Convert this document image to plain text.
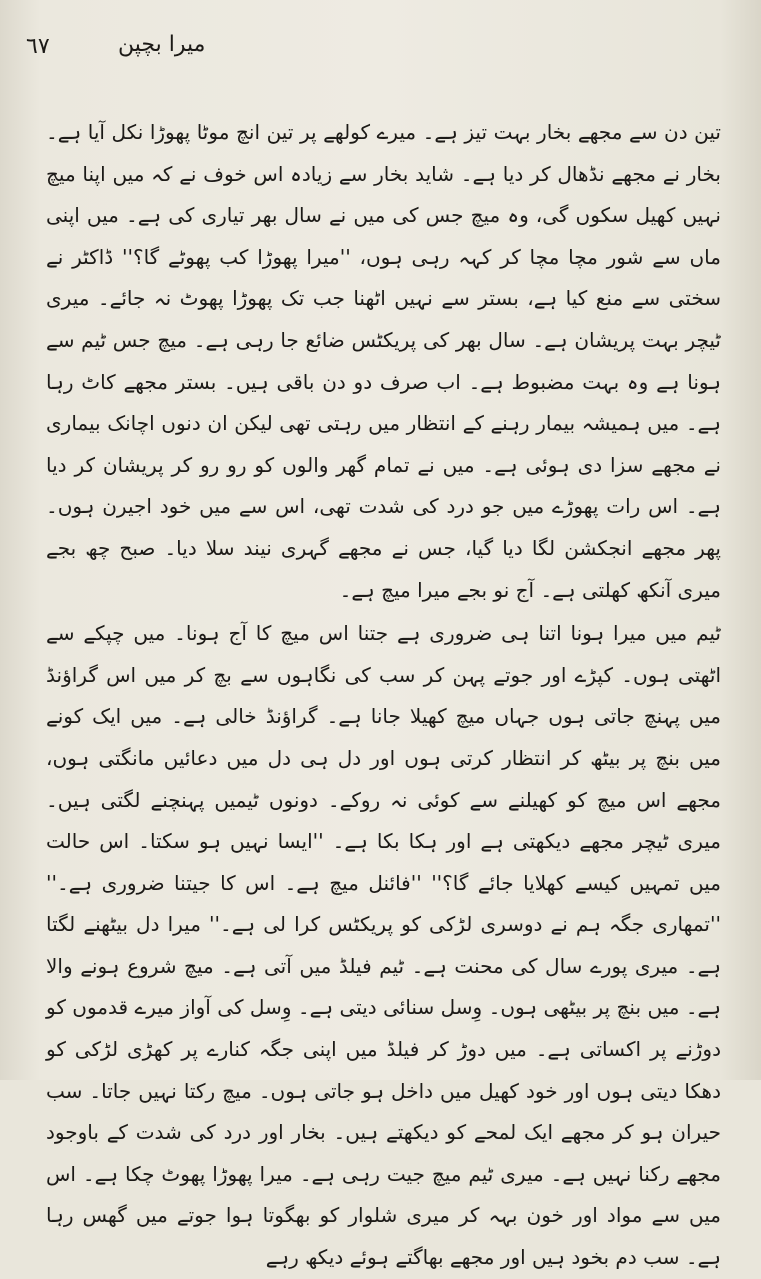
٦٧	میرا بچپن

تین دن سے مجھے بخار بہت تیز ہے۔ میرے کولھے پر تین انچ موٹا پھوڑا نکل آیا ہے۔ بخار نے مجھے نڈھال کر دیا ہے۔ شاید بخار سے زیادہ اس خوف نے کہ میں اپنا میچ نہیں کھیل سکوں گی، وہ میچ جس کی میں نے سال بھر تیاری کی ہے۔ میں اپنی ماں سے شور مچا مچا کر کہہ رہی ہوں، ''میرا پھوڑا کب پھوٹے گا؟'' ڈاکٹر نے سختی سے منع کیا ہے، بستر سے نہیں اٹھنا جب تک پھوڑا پھوٹ نہ جائے۔ میری ٹیچر بہت پریشان ہے۔ سال بھر کی پریکٹس ضائع جا رہی ہے۔ میچ جس ٹیم سے ہونا ہے وہ بہت مضبوط ہے۔ اب صرف دو دن باقی ہیں۔ بستر مجھے کاٹ رہا ہے۔ میں ہمیشہ بیمار رہنے کے انتظار میں رہتی تھی لیکن ان دنوں اچانک بیماری نے مجھے سزا دی ہوئی ہے۔ میں نے تمام گھر والوں کو رو رو کر پریشان کر دیا ہے۔ اس رات پھوڑے میں جو درد کی شدت تھی، اس سے میں خود اجیرن ہوں۔ پھر مجھے انجکشن لگا دیا گیا، جس نے مجھے گہری نیند سلا دیا۔ صبح چھ بجے میری آنکھ کھلتی ہے۔ آج نو بجے میرا میچ ہے۔

ٹیم میں میرا ہونا اتنا ہی ضروری ہے جتنا اس میچ کا آج ہونا۔ میں چپکے سے اٹھتی ہوں۔ کپڑے اور جوتے پہن کر سب کی نگاہوں سے بچ کر میں اس گراؤنڈ میں پہنچ جاتی ہوں جہاں میچ کھیلا جانا ہے۔ گراؤنڈ خالی ہے۔ میں ایک کونے میں بنچ پر بیٹھ کر انتظار کرتی ہوں اور دل ہی دل میں دعائیں مانگتی ہوں، مجھے اس میچ کو کھیلنے سے کوئی نہ روکے۔ دونوں ٹیمیں پہنچنے لگتی ہیں۔ میری ٹیچر مجھے دیکھتی ہے اور ہکا بکا ہے۔ ''ایسا نہیں ہو سکتا۔ اس حالت میں تمہیں کیسے کھلایا جائے گا؟'' ''فائنل میچ ہے۔ اس کا جیتنا ضروری ہے۔'' ''تمھاری جگہ ہم نے دوسری لڑکی کو پریکٹس کرا لی ہے۔'' میرا دل بیٹھنے لگتا ہے۔ میری پورے سال کی محنت ہے۔ ٹیم فیلڈ میں آتی ہے۔ میچ شروع ہونے والا ہے۔ میں بنچ پر بیٹھی ہوں۔ وِسل سنائی دیتی ہے۔ وِسل کی آواز میرے قدموں کو دوڑنے پر اکساتی ہے۔ میں دوڑ کر فیلڈ میں اپنی جگہ کنارے پر کھڑی لڑکی کو دھکا دیتی ہوں اور خود کھیل میں داخل ہو جاتی ہوں۔ میچ رکتا نہیں جاتا۔ سب حیران ہو کر مجھے ایک لمحے کو دیکھتے ہیں۔ بخار اور درد کی شدت کے باوجود مجھے رکنا نہیں ہے۔ میری ٹیم میچ جیت رہی ہے۔ میرا پھوڑا پھوٹ چکا ہے۔ اس میں سے مواد اور خون بہہ کر میری شلوار کو بھگوتا ہوا جوتے میں گھس رہا ہے۔ سب دم بخود ہیں اور مجھے بھاگتے ہوئے دیکھ رہے
